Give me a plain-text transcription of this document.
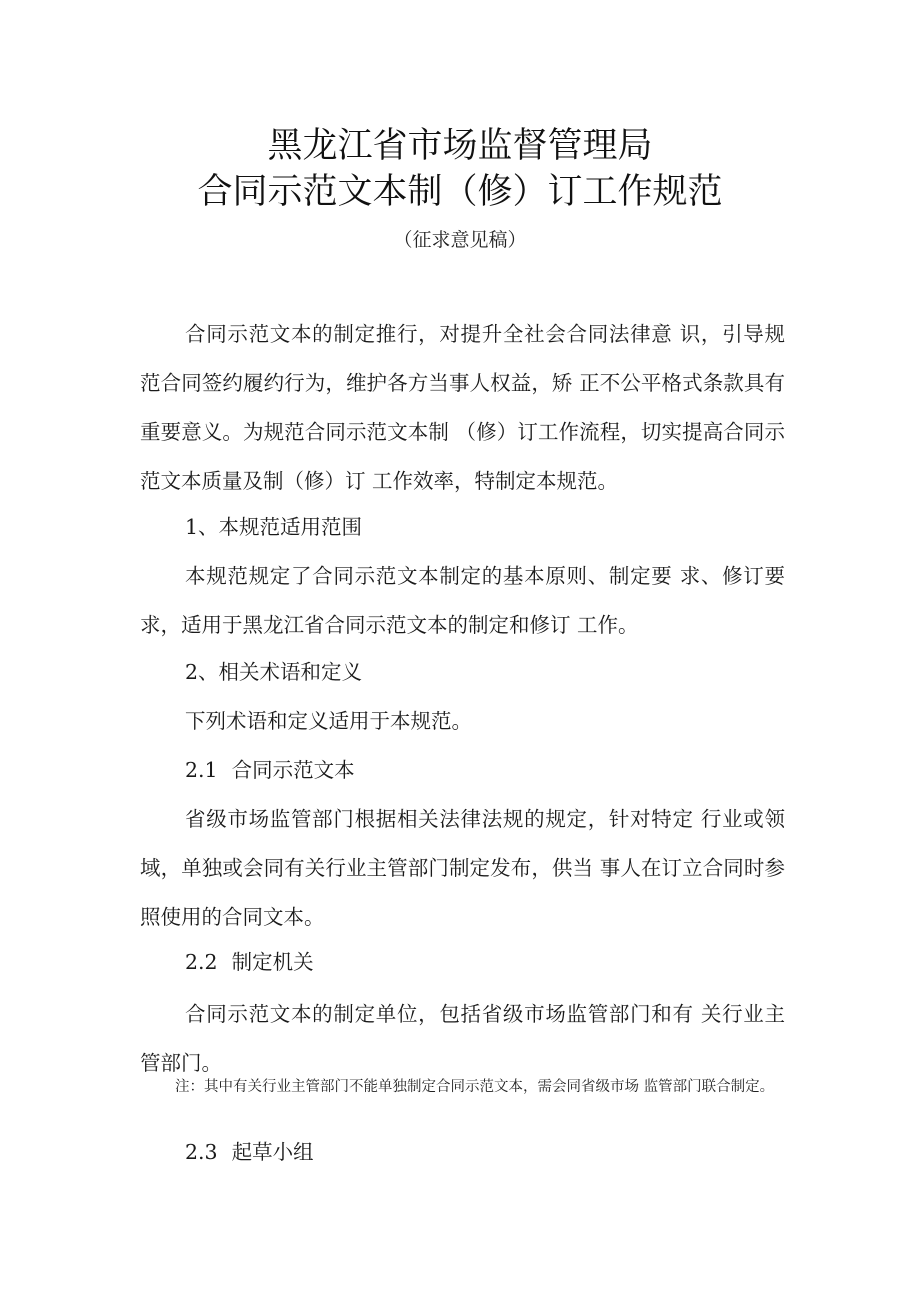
黑龙江省市场监督管理局
合同示范文本制（修）订工作规范
（征求意见稿）

合同示范文本的制定推行，对提升全社会合同法律意 识，引导规范合同签约履约行为，维护各方当事人权益，矫 正不公平格式条款具有重要意义。为规范合同示范文本制 （修）订工作流程，切实提高合同示范文本质量及制（修）订 工作效率，特制定本规范。

1、本规范适用范围

本规范规定了合同示范文本制定的基本原则、制定要 求、修订要求，适用于黑龙江省合同示范文本的制定和修订 工作。

2、相关术语和定义

下列术语和定义适用于本规范。

2.1 合同示范文本

省级市场监管部门根据相关法律法规的规定，针对特定 行业或领域，单独或会同有关行业主管部门制定发布，供当 事人在订立合同时参照使用的合同文本。

2.2 制定机关

合同示范文本的制定单位，包括省级市场监管部门和有 关行业主管部门。

注：其中有关行业主管部门不能单独制定合同示范文本，需会同省级市场 监管部门联合制定。

2.3 起草小组
